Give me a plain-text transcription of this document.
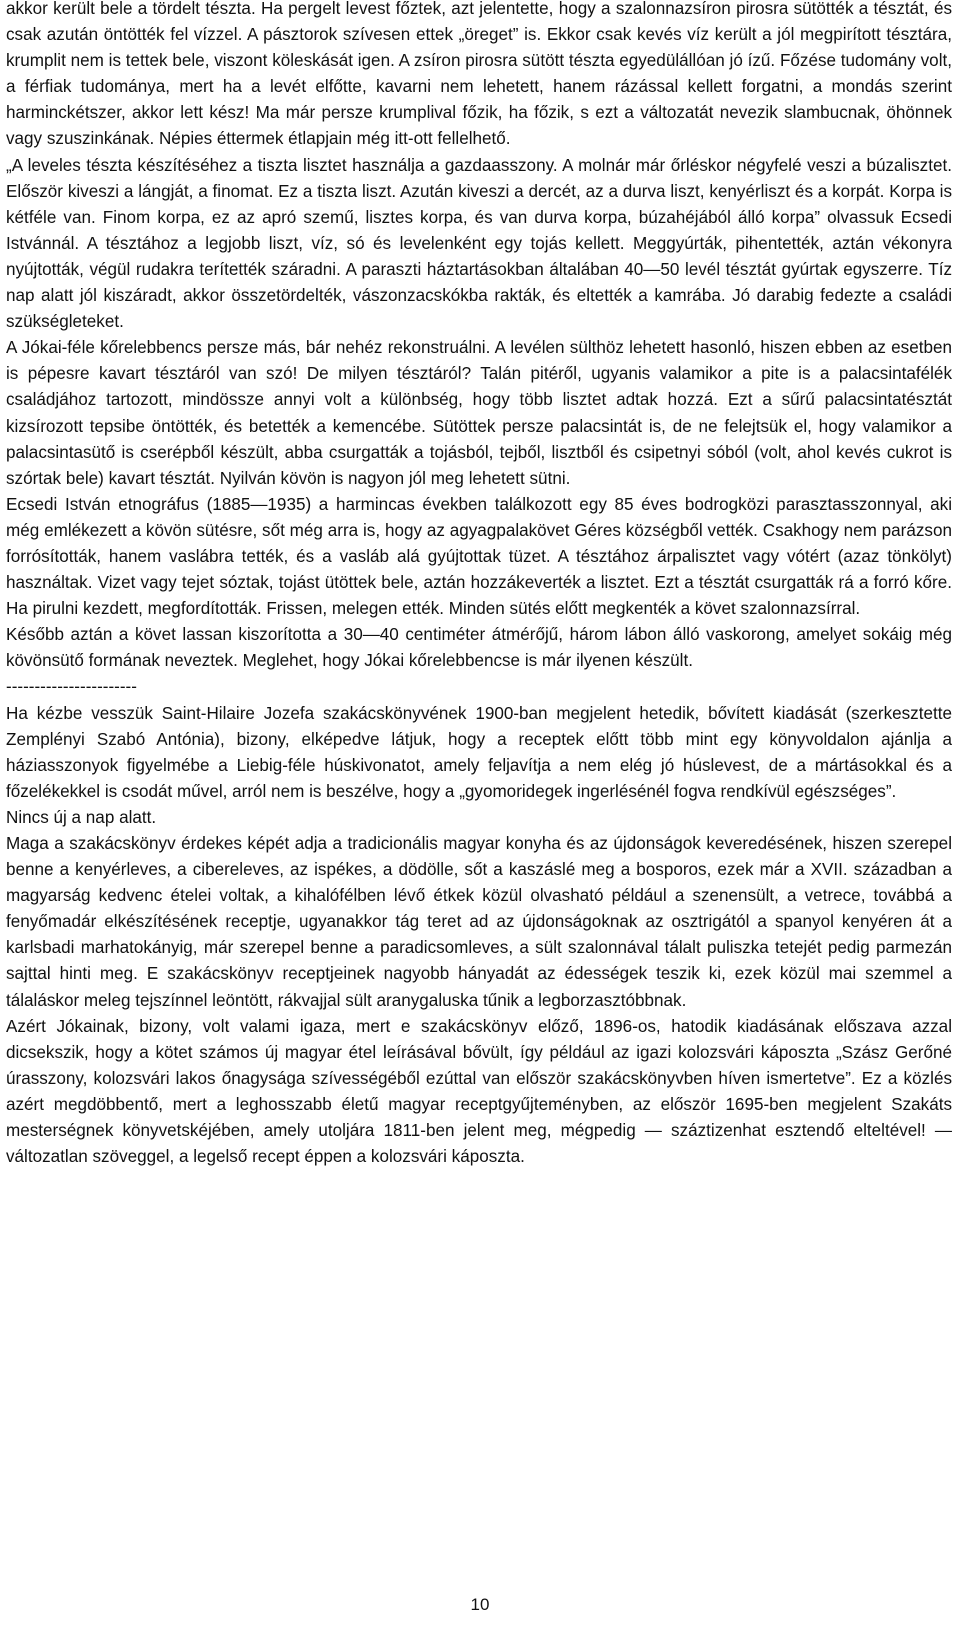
akkor került bele a tördelt tészta. Ha pergelt levest főztek, azt jelentette, hogy a szalonnazsíron pirosra sütötték a tésztát, és csak azután öntötték fel vízzel. A pásztorok szívesen ettek „öreget” is. Ekkor csak kevés víz került a jól megpirított tésztára, krumplit nem is tettek bele, viszont köleskását igen. A zsíron pirosra sütött tészta egyedülállóan jó ízű. Főzése tudomány volt, a férfiak tudománya, mert ha a levét elfőtte, kavarni nem lehetett, hanem rázással kellett forgatni, a mondás szerint harminckétszer, akkor lett kész! Ma már persze krumplival főzik, ha főzik, s ezt a változatát nevezik slambucnak, öhönnek vagy szuszinkának. Népies éttermek étlapjain még itt-ott fellelhető.

„A leveles tészta készítéséhez a tiszta lisztet használja a gazdaasszony. A molnár már őrléskor négyfelé veszi a búzalisztet. Először kiveszi a lángját, a finomat. Ez a tiszta liszt. Azután kiveszi a dercét, az a durva liszt, kenyérliszt és a korpát. Korpa is kétféle van. Finom korpa, ez az apró szemű, lisztes korpa, és van durva korpa, búzahéjából álló korpa” olvassuk Ecsedi Istvánnál. A tésztához a legjobb liszt, víz, só és levelenként egy tojás kellett. Meggyúrták, pihentették, aztán vékonyra nyújtották, végül rudakra terítették száradni. A paraszti háztartásokban általában 40—50 levél tésztát gyúrtak egyszerre. Tíz nap alatt jól kiszáradt, akkor összetördelték, vászonzacskókba rakták, és eltették a kamrába. Jó darabig fedezte a családi szükségleteket.

A Jókai-féle kőrelebbencs persze más, bár nehéz rekonstruálni. A levélen sülthöz lehetett hasonló, hiszen ebben az esetben is pépesre kavart tésztáról van szó! De milyen tésztáról? Talán pitéről, ugyanis valamikor a pite is a palacsintafélék családjához tartozott, mindössze annyi volt a különbség, hogy több lisztet adtak hozzá. Ezt a sűrű palacsintatésztát kizsírozott tepsibe öntötték, és betették a kemencébe. Sütöttek persze palacsintát is, de ne felejtsük el, hogy valamikor a palacsintasütő is cserépből készült, abba csurgatták a tojásból, tejből, lisztből és csipetnyi sóból (volt, ahol kevés cukrot is szórtak bele) kavart tésztát. Nyilván kövön is nagyon jól meg lehetett sütni.

Ecsedi István etnográfus (1885—1935) a harmincas években találkozott egy 85 éves bodrogközi parasztasszonnyal, aki még emlékezett a kövön sütésre, sőt még arra is, hogy az agyagpalakövet Géres községből vették. Csakhogy nem parázson forrósították, hanem vaslábra tették, és a vasláb alá gyújtottak tüzet. A tésztához árpalisztet vagy vótért (azaz tönkölyt) használtak. Vizet vagy tejet sóztak, tojást ütöttek bele, aztán hozzákeverték a lisztet. Ezt a tésztát csurgatták rá a forró kőre. Ha pirulni kezdett, megfordították. Frissen, melegen ették. Minden sütés előtt megkenték a követ szalonnazsírral.

Később aztán a követ lassan kiszorította a 30—40 centiméter átmérőjű, három lábon álló vaskorong, amelyet sokáig még kövönsütő formának neveztek. Meglehet, hogy Jókai kőrelebbencse is már ilyenen készült.

-----------------------

Ha kézbe vesszük Saint-Hilaire Jozefa szakácskönyvének 1900-ban megjelent hetedik, bővített kiadását (szerkesztette Zemplényi Szabó Antónia), bizony, elképedve látjuk, hogy a receptek előtt több mint egy könyvoldalon ajánlja a háziasszonyok figyelmébe a Liebig-féle húskivonatot, amely feljavítja a nem elég jó húslevest, de a mártásokkal és a főzelékekkel is csodát művel, arról nem is beszélve, hogy a „gyomoridegek ingerlésénél fogva rendkívül egészséges”.

Nincs új a nap alatt.

Maga a szakácskönyv érdekes képét adja a tradicionális magyar konyha és az újdonságok keveredésének, hiszen szerepel benne a kenyérleves, a cibereleves, az ispékes, a dödölle, sőt a kaszáslé meg a bosporos, ezek már a XVII. században a magyarság kedvenc ételei voltak, a kihalófélben lévő étkek közül olvasható például a szenensült, a vetrece, továbbá a fenyőmadár elkészítésének receptje, ugyanakkor tág teret ad az újdonságoknak az osztrigától a spanyol kenyéren át a karlsbadi marhatokányig, már szerepel benne a paradicsomleves, a sült szalonnával tálalt puliszka tetejét pedig parmezán sajttal hinti meg. E szakácskönyv receptjeinek nagyobb hányadát az édességek teszik ki, ezek közül mai szemmel a tálaláskor meleg tejszínnel leöntött, rákvajjal sült aranygaluska tűnik a legborzasztóbbnak.

Azért Jókainak, bizony, volt valami igaza, mert e szakácskönyv előző, 1896-os, hatodik kiadásának előszava azzal dicsekszik, hogy a kötet számos új magyar étel leírásával bővült, így például az igazi kolozsvári káposzta „Szász Gerőné úrasszony, kolozsvári lakos őnagysága szívességéből ezúttal van először szakácskönyvben híven ismertetve”. Ez a közlés azért megdöbbentő, mert a leghosszabb életű magyar receptgyűjteményben, az először 1695-ben megjelent Szakáts mesterségnek könyvetskéjében, amely utoljára 1811-ben jelent meg, mégpedig — száztizenhat esztendő elteltével! — változatlan szöveggel, a legelső recept éppen a kolozsvári káposzta.

10
